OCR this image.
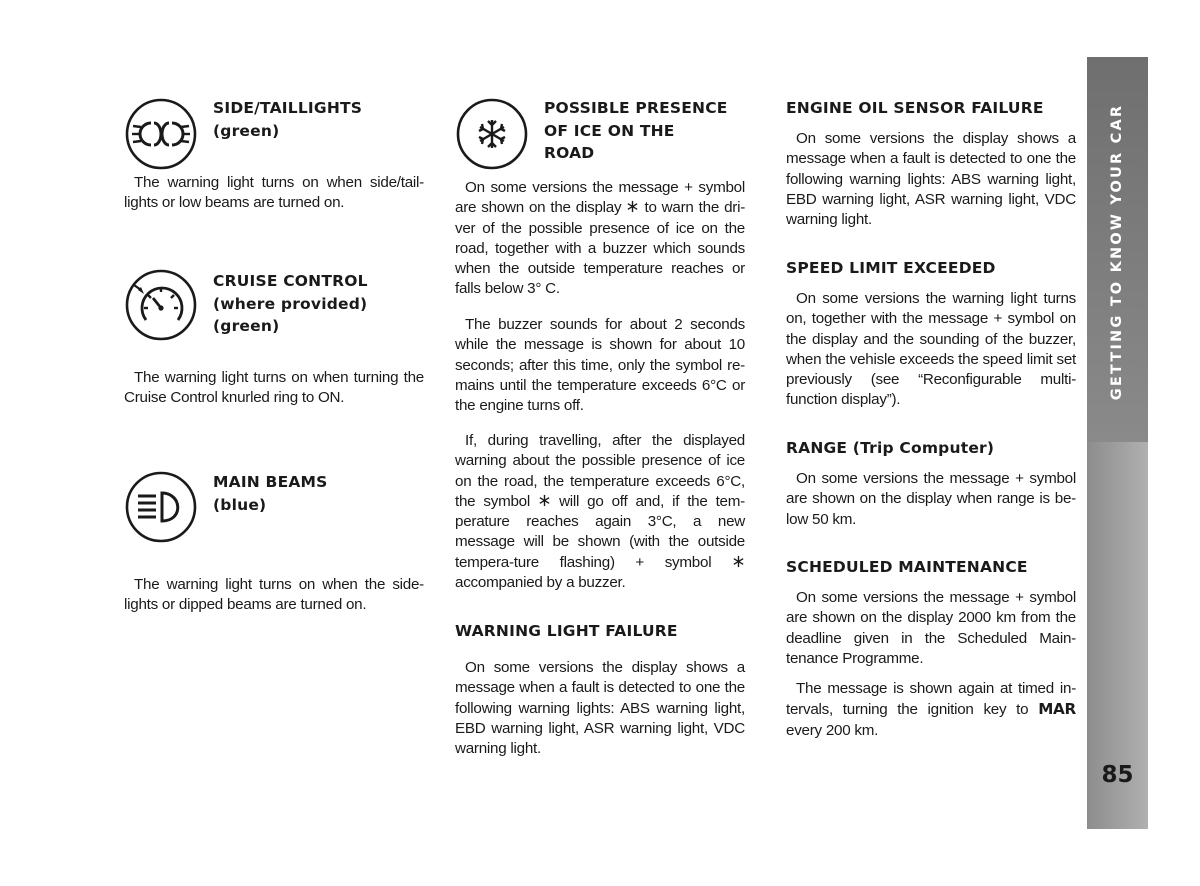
SIDE/TAILLIGHTS
(green)

The warning light turns on when side/tail-lights or low beams are turned on.

CRUISE CONTROL
(where provided)
(green)

The warning light turns on when turning the Cruise Control knurled ring to ON.

MAIN BEAMS
(blue)

The warning light turns on when the side-lights or dipped beams are turned on.

POSSIBLE PRESENCE
OF ICE ON THE
ROAD

On some versions the message + symbol are shown on the display to warn the dri-ver of the possible presence of ice on the road, together with a buzzer which sounds when the outside temperature reaches or falls below 3° C.

The buzzer sounds for about 2 seconds while the message is shown for about 10 seconds; after this time, only the symbol re-mains until the temperature exceeds 6°C or the engine turns off.

If, during travelling, after the displayed warning about the possible presence of ice on the road, the temperature exceeds 6°C, the symbol will go off and, if the tem-perature reaches again 3°C, a new message will be shown (with the outside tempera-ture flashing) + symbol
accompanied by a buzzer.

WARNING LIGHT FAILURE

On some versions the display shows a message when a fault is detected to one the following warning lights: ABS warning light, EBD warning light, ASR warning light, VDC warning light.

ENGINE OIL SENSOR FAILURE

On some versions the display shows a message when a fault is detected to one the following warning lights: ABS warning light, EBD warning light, ASR warning light, VDC warning light.

SPEED LIMIT EXCEEDED

On some versions the warning light turns on, together with the message + symbol on the display and the sounding of the buzzer, when the vehisle exceeds the speed limit set previously (see “Reconfigurable multi-function display”).

RANGE (Trip Computer)

On some versions the message + symbol are shown on the display when range is be-low 50 km.

SCHEDULED MAINTENANCE

On some versions the message + symbol are shown on the display 2000 km from the deadline given in the Scheduled Main-tenance Programme.

The message is shown again at timed in-tervals, turning the ignition key to MAR every 200 km.

GETTING TO KNOW YOUR CAR
85
